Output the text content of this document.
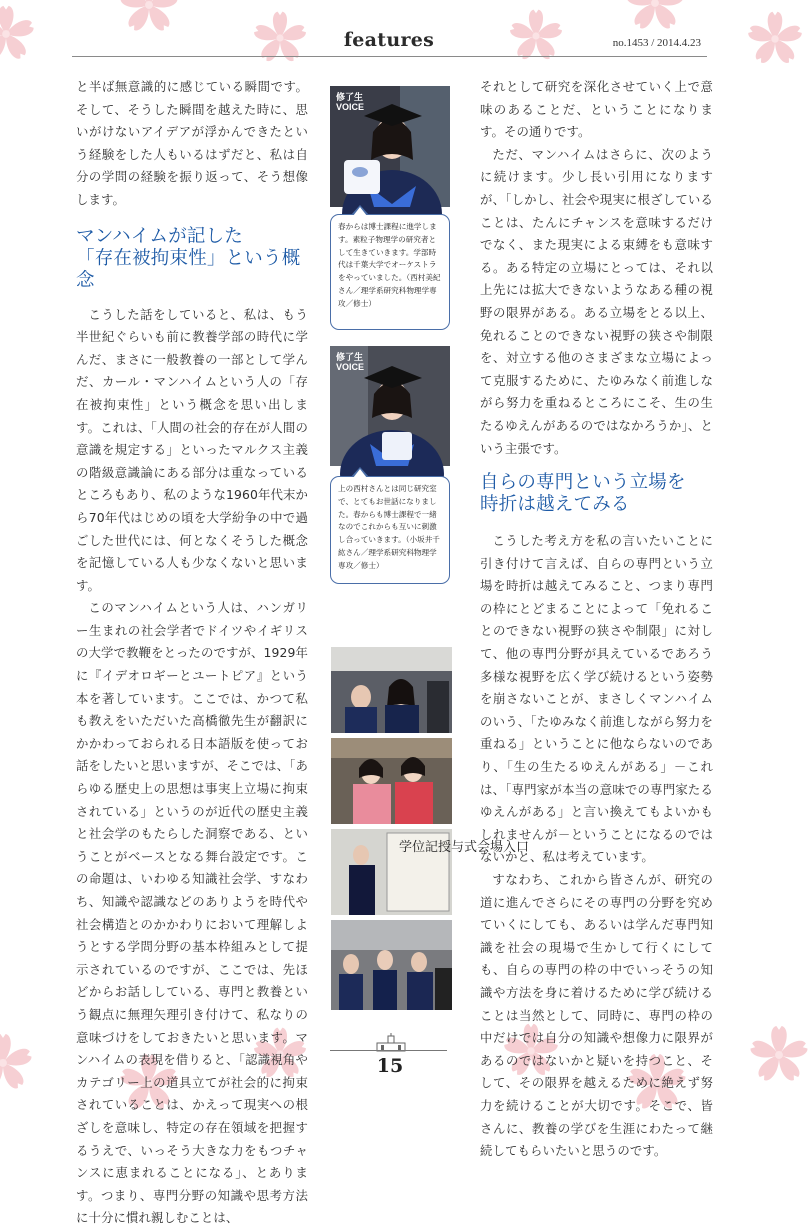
features	no.1453 / 2014.4.23

と半ば無意識的に感じている瞬間です。そして、そうした瞬間を越えた時に、思いがけないアイデアが浮かんできたという経験をした人もいるはずだと、私は自分の学問の経験を振り返って、そう想像します。

マンハイムが記した
「存在被拘束性」という概念

こうした話をしていると、私は、もう半世紀ぐらいも前に教養学部の時代に学んだ、まさに一般教養の一部として学んだ、カール・マンハイムという人の「存在被拘束性」という概念を思い出します。これは、「人間の社会的存在が人間の意識を規定する」といったマルクス主義の階級意識論にある部分は重なっているところもあり、私のような1960年代末から70年代はじめの頃を大学紛争の中で過ごした世代には、何となくそうした概念を記憶している人も少なくないと思います。

このマンハイムという人は、ハンガリー生まれの社会学者でドイツやイギリスの大学で教鞭をとったのですが、1929年に『イデオロギーとユートピア』という本を著しています。ここでは、かつて私も教えをいただいた高橋徹先生が翻訳にかかわっておられる日本語版を使ってお話をしたいと思いますが、そこでは、「あらゆる歴史上の思想は事実上立場に拘束されている」というのが近代の歴史主義と社会学のもたらした洞察である、ということがベースとなる舞台設定です。この命題は、いわゆる知識社会学、すなわち、知識や認識などのありようを時代や社会構造とのかかわりにおいて理解しようとする学問分野の基本枠組みとして提示されているのですが、ここでは、先ほどからお話ししている、専門と教養という観点に無理矢理引き付けて、私なりの意味づけをしておきたいと思います。マンハイムの表現を借りると、「認識視角やカテゴリー上の道具立てが社会的に拘束されていることは、かえって現実への根ざしを意味し、特定の存在領域を把握するうえで、いっそう大きな力をもつチャンスに恵まれることになる」、とあります。つまり、専門分野の知識や思考方法に十分に慣れ親しむことは、

修了生
VOICE
春からは博士課程に進学します。素粒子物理学の研究者として生きていきます。学部時代は千葉大学でオーケストラをやっていました。（西村美紀さん／理学系研究科物理学専攻／修士）
修了生
VOICE
上の西村さんとは同じ研究室で、とてもお世話になりました。春からも博士課程で一緒なのでこれからも互いに刺激し合っていきます。（小坂井千紘さん／理学系研究科物理学専攻／修士）
学位記授与式会場入口

それとして研究を深化させていく上で意味のあることだ、ということになります。その通りです。

ただ、マンハイムはさらに、次のように続けます。少し長い引用になりますが、「しかし、社会や現実に根ざしていることは、たんにチャンスを意味するだけでなく、また現実による束縛をも意味する。ある特定の立場にとっては、それ以上先には拡大できないようなある種の視野の限界がある。ある立場をとる以上、免れることのできない視野の狭さや制限を、対立する他のさまざまな立場によって克服するために、たゆみなく前進しながら努力を重ねるところにこそ、生の生たるゆえんがあるのではなかろうか」、という主張です。

自らの専門という立場を
時折は越えてみる

こうした考え方を私の言いたいことに引き付けて言えば、自らの専門という立場を時折は越えてみること、つまり専門の枠にとどまることによって「免れることのできない視野の狭さや制限」に対して、他の専門分野が具えているであろう多様な視野を広く学び続けるという姿勢を崩さないことが、まさしくマンハイムのいう、「たゆみなく前進しながら努力を重ねる」ということに他ならないのであり、「生の生たるゆえんがある」－これは、「専門家が本当の意味での専門家たるゆえんがある」と言い換えてもよいかもしれませんが－ということになるのではないかと、私は考えています。

すなわち、これから皆さんが、研究の道に進んでさらにその専門の分野を究めていくにしても、あるいは学んだ専門知識を社会の現場で生かして行くにしても、自らの専門の枠の中でいっそうの知識や方法を身に着けるために学び続けることは当然として、同時に、専門の枠の中だけでは自分の知識や想像力に限界があるのではないかと疑いを持つこと、そして、その限界を越えるために絶えず努力を続けることが大切です。そこで、皆さんに、教養の学びを生涯にわたって継続してもらいたいと思うのです。

15
